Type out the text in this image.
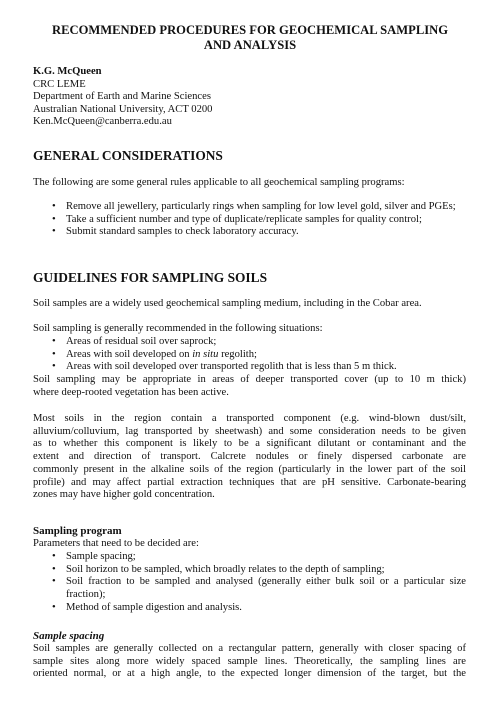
RECOMMENDED PROCEDURES FOR GEOCHEMICAL SAMPLING
AND ANALYSIS
K.G. McQueen
CRC LEME
Department of Earth and Marine Sciences
Australian National University, ACT 0200
Ken.McQueen@canberra.edu.au
GENERAL CONSIDERATIONS
The following are some general rules applicable to all geochemical sampling programs:
• Remove all jewellery, particularly rings when sampling for low level gold, silver and PGEs;
• Take a sufficient number and type of duplicate/replicate samples for quality control;
• Submit standard samples to check laboratory accuracy.
GUIDELINES FOR SAMPLING SOILS
Soil samples are a widely used geochemical sampling medium, including in the Cobar area.
Soil sampling is generally recommended in the following situations:
• Areas of residual soil over saprock;
• Areas with soil developed on in situ regolith;
• Areas with soil developed over transported regolith that is less than 5 m thick.
Soil sampling may be appropriate in areas of deeper transported cover (up to 10 m thick)
where deep-rooted vegetation has been active.
Most soils in the region contain a transported component (e.g. wind-blown dust/silt,
alluvium/colluvium, lag transported by sheetwash) and some consideration needs to be given
as to whether this component is likely to be a significant dilutant or contaminant and the
extent and direction of transport. Calcrete nodules or finely dispersed carbonate are
commonly present in the alkaline soils of the region (particularly in the lower part of the soil
profile) and may affect partial extraction techniques that are pH sensitive. Carbonate-bearing
zones may have higher gold concentration.
Sampling program
Parameters that need to be decided are:
• Sample spacing;
• Soil horizon to be sampled, which broadly relates to the depth of sampling;
• Soil fraction to be sampled and analysed (generally either bulk soil or a particular size fraction);
• Method of sample digestion and analysis.
Sample spacing
Soil samples are generally collected on a rectangular pattern, generally with closer spacing of
sample sites along more widely spaced sample lines. Theoretically, the sampling lines are
oriented normal, or at a high angle, to the expected longer dimension of the target, but the
